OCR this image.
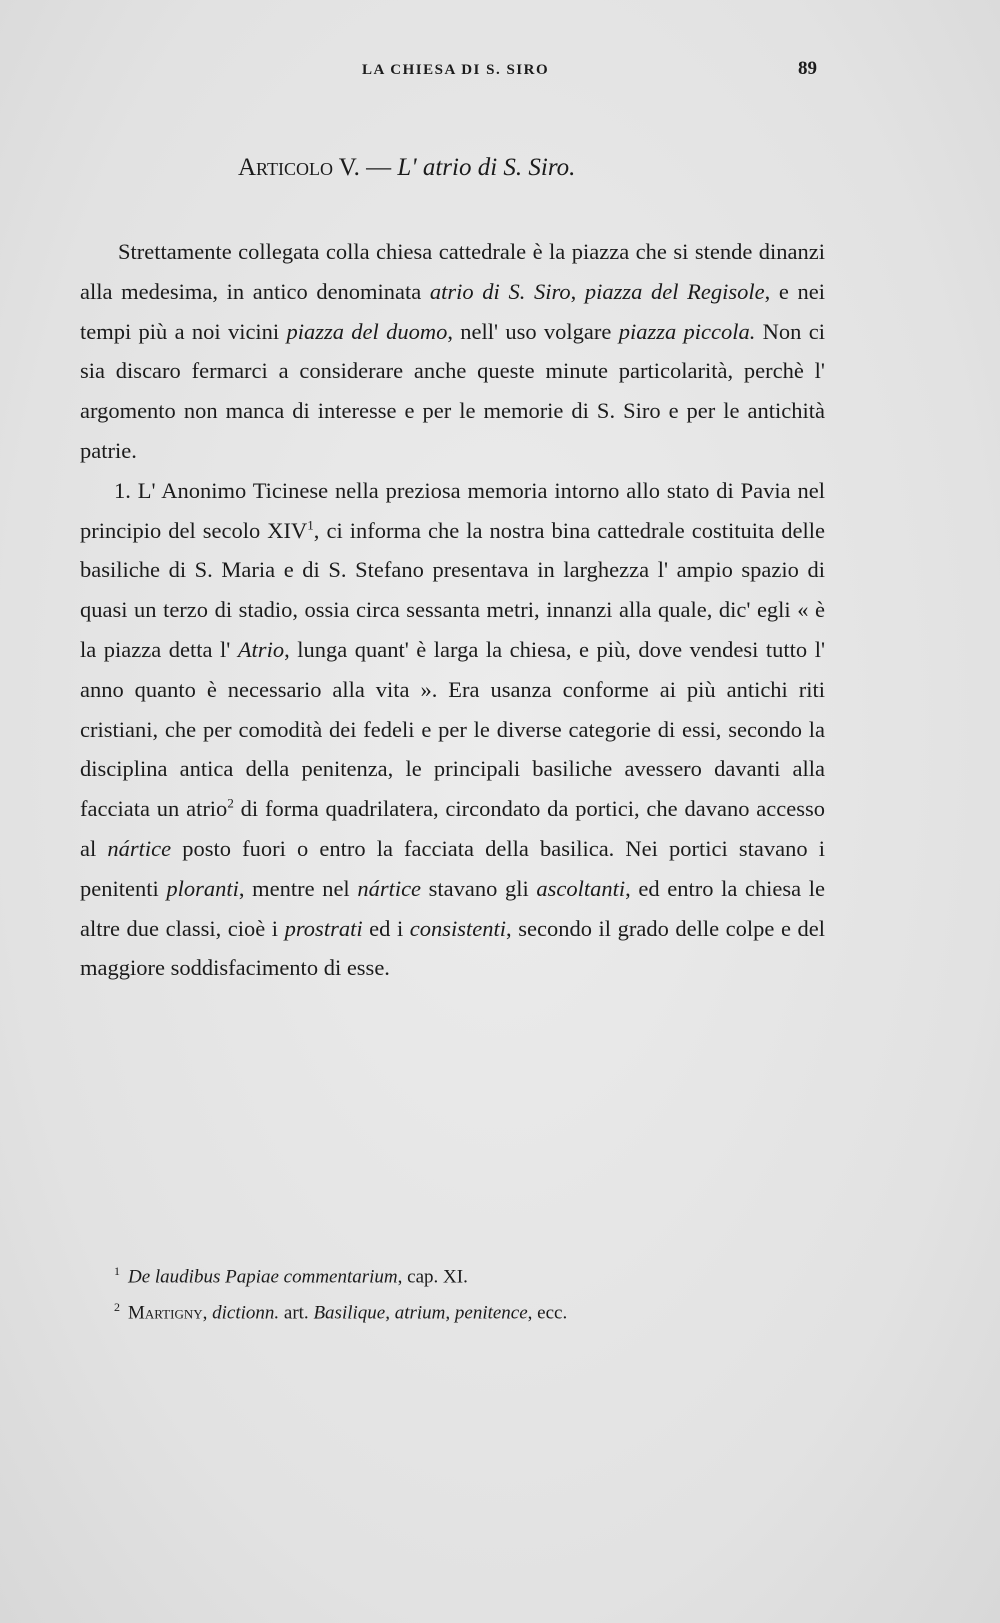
LA CHIESA DI S. SIRO	89
Articolo V. — L' atrio di S. Siro.

Strettamente collegata colla chiesa cattedrale è la piazza che si stende dinanzi alla medesima, in antico denominata atrio di S. Siro, piazza del Regisole, e nei tempi più a noi vicini piazza del duomo, nell' uso volgare piazza piccola. Non ci sia discaro fermarci a considerare anche queste minute particolarità, perchè l' argomento non manca di interesse e per le memorie di S. Siro e per le antichità patrie.

1. L' Anonimo Ticinese nella preziosa memoria intorno allo stato di Pavia nel principio del secolo XIV$^1$, ci informa che la nostra bina cattedrale costituita delle basiliche di S. Maria e di S. Stefano presentava in larghezza l' ampio spazio di quasi un terzo di stadio, ossia circa sessanta metri, innanzi alla quale, dic' egli « è la piazza detta l' Atrio, lunga quant' è larga la chiesa, e più, dove vendesi tutto l' anno quanto è necessario alla vita ». Era usanza conforme ai più antichi riti cristiani, che per comodità dei fedeli e per le diverse categorie di essi, secondo la disciplina antica della penitenza, le principali basiliche avessero davanti alla facciata un atrio$^2$ di forma quadrilatera, circondato da portici, che davano accesso al nártice posto fuori o entro la facciata della basilica. Nei portici stavano i penitenti ploranti, mentre nel nártice stavano gli ascoltanti, ed entro la chiesa le altre due classi, cioè i prostrati ed i consistenti, secondo il grado delle colpe e del maggiore soddisfacimento di esse.

$^1$ De laudibus Papiae commentarium, cap. XI.
$^2$ Martigny, dictionn. art. Basilique, atrium, penitence, ecc.
